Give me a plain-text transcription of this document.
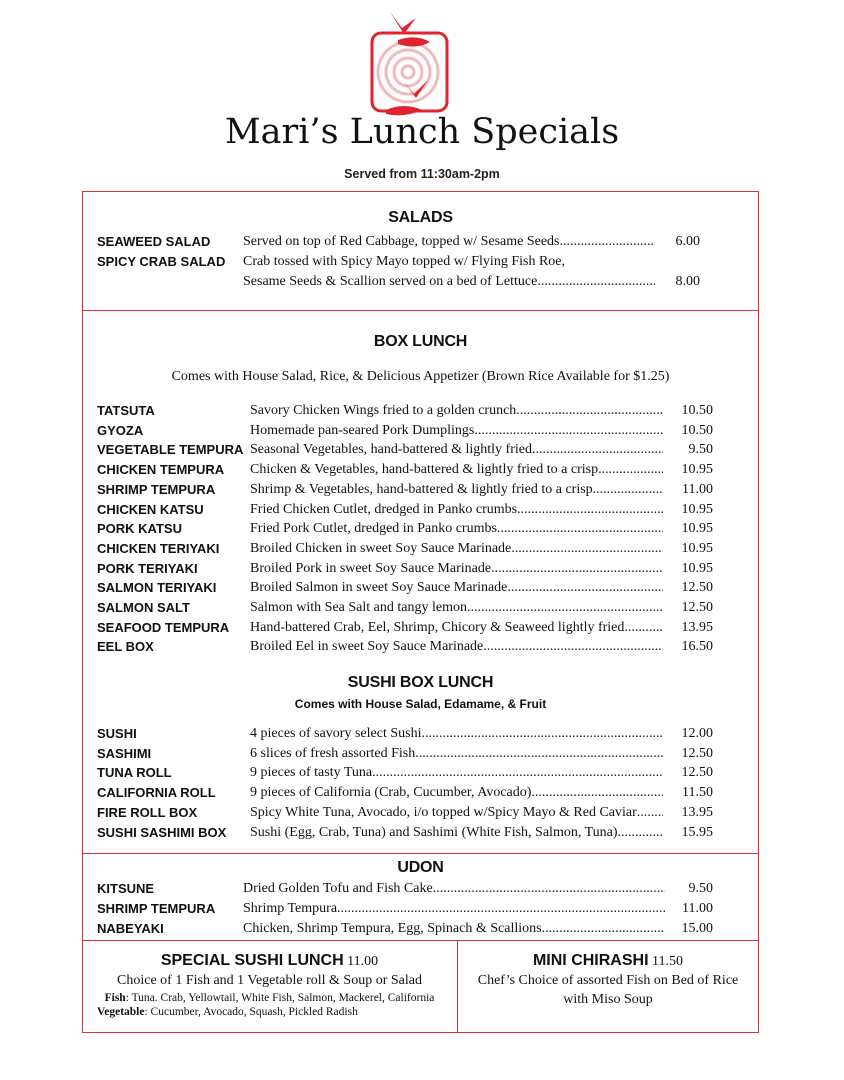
Mari’s Lunch Specials
Served from 11:30am-2pm
SALADS
BOX LUNCH
Comes with House Salad, Rice, & Delicious Appetizer (Brown Rice Available for $1.25)
SUSHI BOX LUNCH
Comes with House Salad, Edamame, & Fruit
UDON
SEAWEED SALAD Served on top of Red Cabbage, topped w/ Sesame Seeds .....	6.00
SPICY CRAB SALAD Crab tossed with Spicy Mayo topped w/ Flying Fish Roe,
Sesame Seeds & Scallion served on a bed of Lettuce .....	8.00
TATSUTA	Savory Chicken Wings fried to a golden crunch .....	10.50
GYOZA	Homemade pan-seared Pork Dumplings .....	10.50
VEGETABLE TEMPURA Seasonal Vegetables, hand-battered & lightly fried .....	9.50
CHICKEN TEMPURA Chicken & Vegetables, hand-battered & lightly fried to a crisp .....	10.95
SHRIMP TEMPURA Shrimp & Vegetables, hand-battered & lightly fried to a crisp .....	11.00
CHICKEN KATSU	Fried Chicken Cutlet, dredged in Panko crumbs .....	10.95
PORK KATSU	Fried Pork Cutlet, dredged in Panko crumbs .....	10.95
CHICKEN TERIYAKI Broiled Chicken in sweet Soy Sauce Marinade .....	10.95
PORK TERIYAKI	Broiled Pork in sweet Soy Sauce Marinade .....	10.95
SALMON TERIYAKI Broiled Salmon in sweet Soy Sauce Marinade .....	12.50
SALMON SALT	Salmon with Sea Salt and tangy lemon .....	12.50
SEAFOOD TEMPURA Hand-battered Crab, Eel, Shrimp, Chicory & Seaweed lightly fried .....	13.95
EEL BOX	Broiled Eel in sweet Soy Sauce Marinade .....	16.50
SUSHI	4 pieces of savory select Sushi .....	12.00
SASHIMI	6 slices of fresh assorted Fish .....	12.50
TUNA ROLL	9 pieces of tasty Tuna .....	12.50
CALIFORNIA ROLL 9 pieces of California (Crab, Cucumber, Avocado) .....	11.50
FIRE ROLL BOX	Spicy White Tuna, Avocado, i/o topped w/Spicy Mayo & Red Caviar .....	13.95
SUSHI SASHIMI BOX Sushi (Egg, Crab, Tuna) and Sashimi (White Fish, Salmon, Tuna) .....	15.95
KITSUNE	Dried Golden Tofu and Fish Cake .....	9.50
SHRIMP TEMPURA Shrimp Tempura .....	11.00
NABEYAKI	Chicken, Shrimp Tempura, Egg, Spinach & Scallions .....	15.00
SPECIAL SUSHI LUNCH 11.00
Choice of 1 Fish and 1 Vegetable roll & Soup or Salad
Fish: Tuna. Crab, Yellowtail, White Fish, Salmon, Mackerel, California
Vegetable: Cucumber, Avocado, Squash, Pickled Radish
MINI CHIRASHI 11.50
Chef’s Choice of assorted Fish on Bed of Rice
with Miso Soup
